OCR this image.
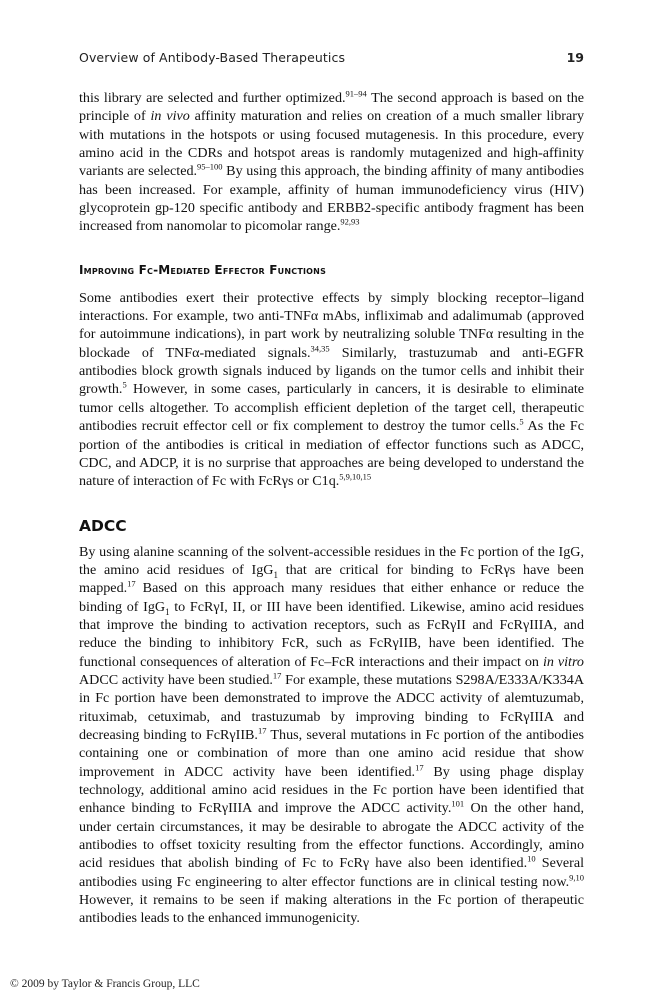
Overview of Antibody-Based Therapeutics	19

this library are selected and further optimized.$^{91-94}$ The second approach is based on the principle of in vivo affinity maturation and relies on creation of a much smaller library with mutations in the hotspots or using focused mutagenesis. In this procedure, every amino acid in the CDRs and hotspot areas is randomly mutagenized and high-affinity variants are selected.$^{95-100}$ By using this approach, the binding affinity of many antibodies has been increased. For example, affinity of human immunodeficiency virus (HIV) glycoprotein gp-120 specific antibody and ERBB2-specific antibody fragment has been increased from nanomolar to picomolar range.$^{92,93}$

Improving Fc-Mediated Effector Functions

Some antibodies exert their protective effects by simply blocking receptor–ligand interactions. For example, two anti-TNFα mAbs, infliximab and adalimumab (approved for autoimmune indications), in part work by neutralizing soluble TNFα resulting in the blockade of TNFα-mediated signals.$^{34,35}$ Similarly, trastuzumab and anti-EGFR antibodies block growth signals induced by ligands on the tumor cells and inhibit their growth.$^5$ However, in some cases, particularly in cancers, it is desirable to eliminate tumor cells altogether. To accomplish efficient depletion of the target cell, therapeutic antibodies recruit effector cell or fix complement to destroy the tumor cells.$^5$ As the Fc portion of the antibodies is critical in mediation of effector functions such as ADCC, CDC, and ADCP, it is no surprise that approaches are being developed to understand the nature of interaction of Fc with FcRγs or C1q.$^{5,9,10,15}$

ADCC

By using alanine scanning of the solvent-accessible residues in the Fc portion of the IgG, the amino acid residues of IgG$_1$ that are critical for binding to FcRγs have been mapped.$^{17}$ Based on this approach many residues that either enhance or reduce the binding of IgG$_1$ to FcRγI, II, or III have been identified. Likewise, amino acid residues that improve the binding to activation receptors, such as FcRγII and FcRγIIIA, and reduce the binding to inhibitory FcR, such as FcRγIIB, have been identified. The functional consequences of alteration of Fc–FcR interactions and their impact on in vitro ADCC activity have been studied.$^{17}$ For example, these mutations S298A/E333A/K334A in Fc portion have been demonstrated to improve the ADCC activity of alemtuzumab, rituximab, cetuximab, and trastuzumab by improving binding to FcRγIIIA and decreasing binding to FcRγIIB.$^{17}$ Thus, several mutations in Fc portion of the antibodies containing one or combination of more than one amino acid residue that show improvement in ADCC activity have been identified.$^{17}$ By using phage display technology, additional amino acid residues in the Fc portion have been identified that enhance binding to FcRγIIIA and improve the ADCC activity.$^{101}$ On the other hand, under certain circumstances, it may be desirable to abrogate the ADCC activity of the antibodies to offset toxicity resulting from the effector functions. Accordingly, amino acid residues that abolish binding of Fc to FcRγ have also been identified.$^{10}$ Several antibodies using Fc engineering to alter effector functions are in clinical testing now.$^{9,10}$ However, it remains to be seen if making alterations in the Fc portion of therapeutic antibodies leads to the enhanced immunogenicity.

© 2009 by Taylor & Francis Group, LLC
